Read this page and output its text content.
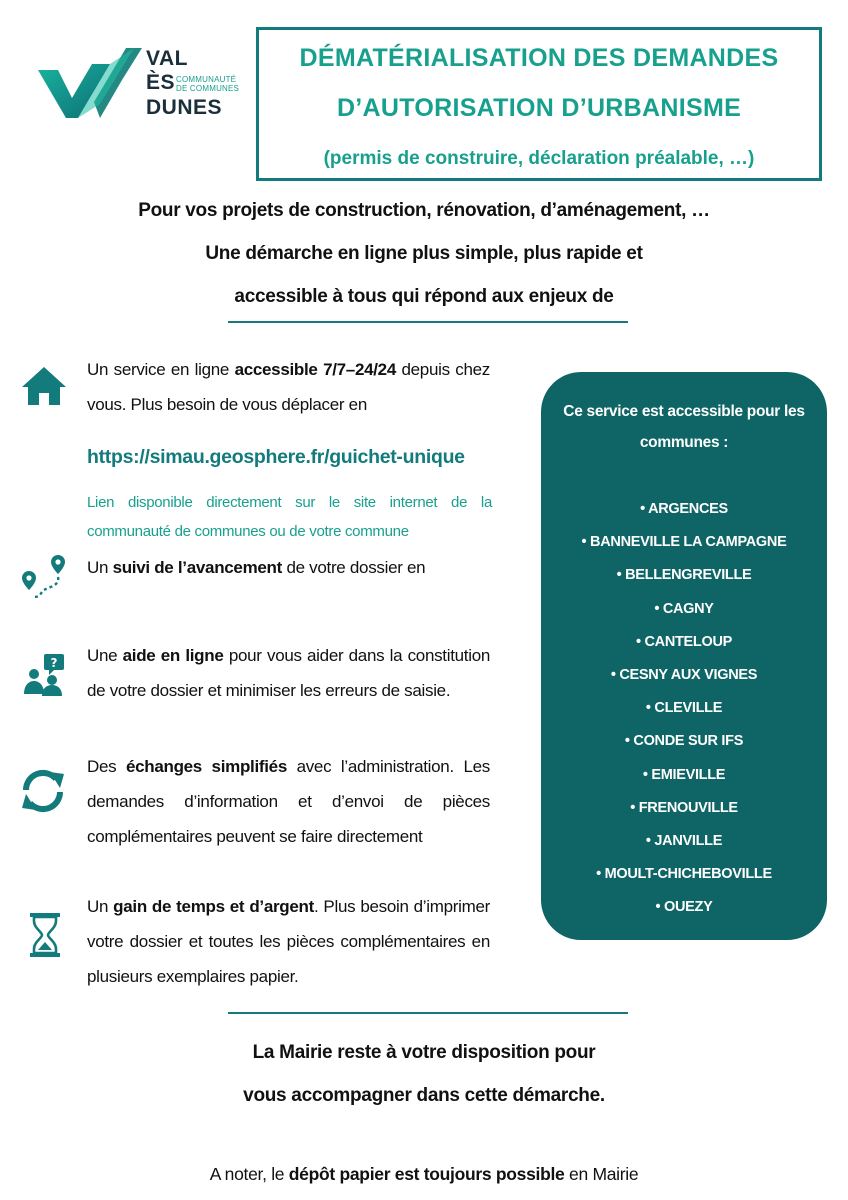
VAL
ÈS
DUNES
COMMUNAUTÉ
DE COMMUNES
DÉMATÉRIALISATION DES DEMANDES
D’AUTORISATION D’URBANISME
(permis de construire, déclaration préalable, …)
Pour vos projets de construction, rénovation, d’aménagement, …
Une démarche en ligne plus simple, plus rapide et
accessible à tous qui répond aux enjeux de
Un service en ligne accessible 7/7–24/24 depuis chez vous. Plus besoin de vous déplacer en
https://simau.geosphere.fr/guichet-unique
Lien disponible directement sur le site internet de la communauté de communes ou de votre commune
Un suivi de l’avancement de votre dossier en
? Une aide en ligne pour vous aider dans la constitution de votre dossier et minimiser les erreurs de saisie.
Des échanges simplifiés avec l’administration. Les demandes d’information et d’envoi de pièces complémentaires peuvent se faire directement
Un gain de temps et d’argent. Plus besoin d’imprimer votre dossier et toutes les pièces complémentaires en plusieurs exemplaires papier.
Ce service est accessible pour les communes :
• ARGENCES
• BANNEVILLE LA CAMPAGNE
• BELLENGREVILLE
• CAGNY
• CANTELOUP
• CESNY AUX VIGNES
• CLEVILLE
• CONDE SUR IFS
• EMIEVILLE
• FRENOUVILLE
• JANVILLE
• MOULT-CHICHEBOVILLE
• OUEZY
La Mairie reste à votre disposition pour
vous accompagner dans cette démarche.
A noter, le dépôt papier est toujours possible en Mairie
